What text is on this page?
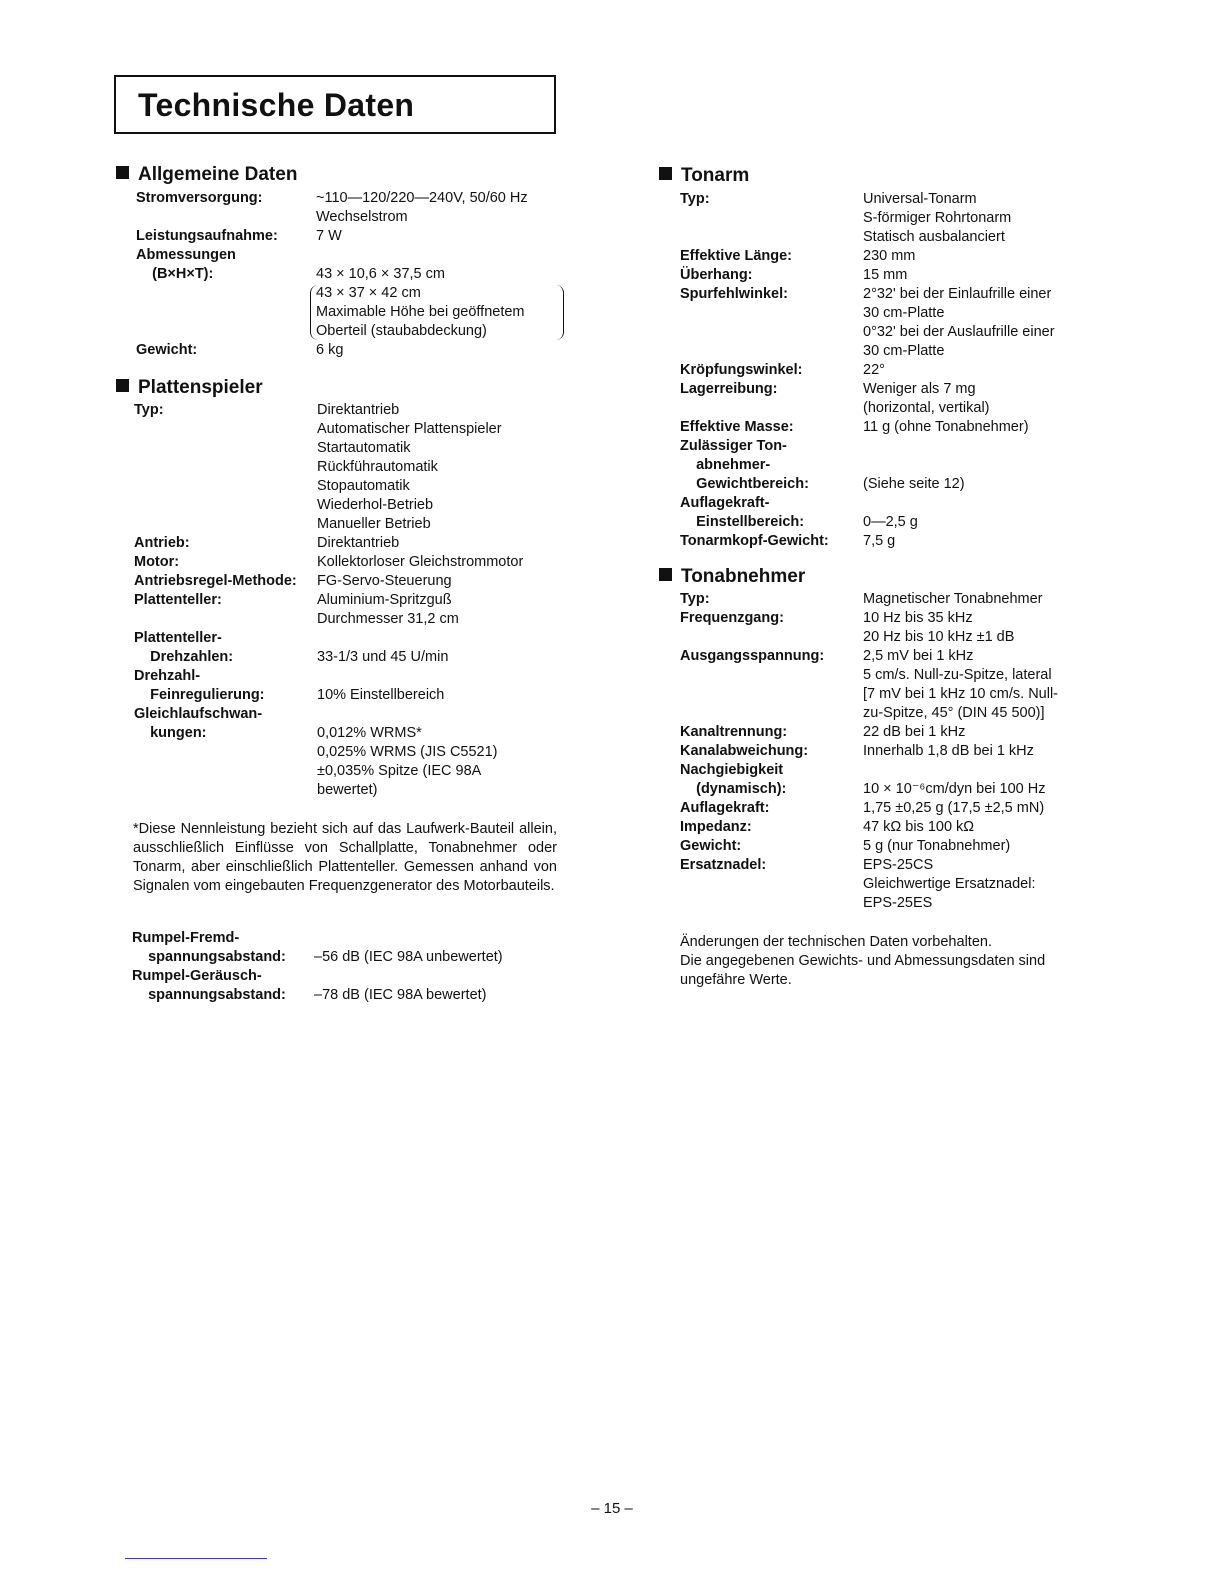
Technische Daten
Allgemeine Daten
Stromversorgung:	~110—120/220—240V, 50/60 Hz
Wechselstrom
Leistungsaufnahme:	7 W
Abmessungen
(B×H×T):	
43 × 10,6 × 37,5 cm
43 × 37 × 42 cm
Maximable Höhe bei geöffnetem
Oberteil (staubabdeckung)
Gewicht:	6 kg
Plattenspieler
Typ:	Direktantrieb
Automatischer Plattenspieler
Startautomatik
Rückführautomatik
Stopautomatik
Wiederhol-Betrieb
Manueller Betrieb
Antrieb:	Direktantrieb
Motor:	Kollektorloser Gleichstrommotor
Antriebsregel-Methode: FG-Servo-Steuerung
Plattenteller:	Aluminium-Spritzguß
Durchmesser 31,2 cm
Plattenteller-
Drehzahlen:	
33-1/3 und 45 U/min
Drehzahl-
Feinregulierung:	
10% Einstellbereich
Gleichlaufschwan-
kungen:	
0,012% WRMS*
0,025% WRMS (JIS C5521)
±0,035% Spitze (IEC 98A
bewertet)
*Diese Nennleistung bezieht sich auf das Laufwerk-Bauteil allein, ausschließlich Einflüsse von Schallplatte, Tonabnehmer oder Tonarm, aber einschließlich Plattenteller. Gemessen anhand von Signalen vom eingebauten Frequenzgenerator des Motorbauteils.
Rumpel-Fremd-
spannungsabstand:
–56 dB (IEC 98A unbewertet)
Rumpel-Geräusch-
spannungsabstand:
–78 dB (IEC 98A bewertet)
Tonarm
Typ:	Universal-Tonarm
S-förmiger Rohrtonarm
Statisch ausbalanciert
Effektive Länge:	230 mm
Überhang:	15 mm
Spurfehlwinkel:	2°32' bei der Einlaufrille einer
30 cm-Platte
0°32' bei der Auslaufrille einer
30 cm-Platte
Kröpfungswinkel:	22°
Lagerreibung:	Weniger als 7 mg
(horizontal, vertikal)
Effektive Masse:	11 g (ohne Tonabnehmer)
Zulässiger Ton-
abnehmer-
Gewichtbereich:	

(Siehe seite 12)
Auflagekraft-
Einstellbereich:	
0—2,5 g
Tonarmkopf-Gewicht: 7,5 g
Tonabnehmer
Typ:	Magnetischer Tonabnehmer
Frequenzgang:	10 Hz bis 35 kHz
20 Hz bis 10 kHz ±1 dB
Ausgangsspannung:	2,5 mV bei 1 kHz
5 cm/s. Null-zu-Spitze, lateral
[7 mV bei 1 kHz 10 cm/s. Null-
zu-Spitze, 45° (DIN 45 500)]
Kanaltrennung:	22 dB bei 1 kHz
Kanalabweichung:	Innerhalb 1,8 dB bei 1 kHz
Nachgiebigkeit
(dynamisch):	
10 × 10⁻⁶cm/dyn bei 100 Hz
Auflagekraft:	1,75 ±0,25 g (17,5 ±2,5 mN)
Impedanz:	47 kΩ bis 100 kΩ
Gewicht:	5 g (nur Tonabnehmer)
Ersatznadel:	EPS-25CS
Gleichwertige Ersatznadel:
EPS-25ES
Änderungen der technischen Daten vorbehalten.
Die angegebenen Gewichts- und Abmessungsdaten sind ungefähre Werte.
– 15 –
